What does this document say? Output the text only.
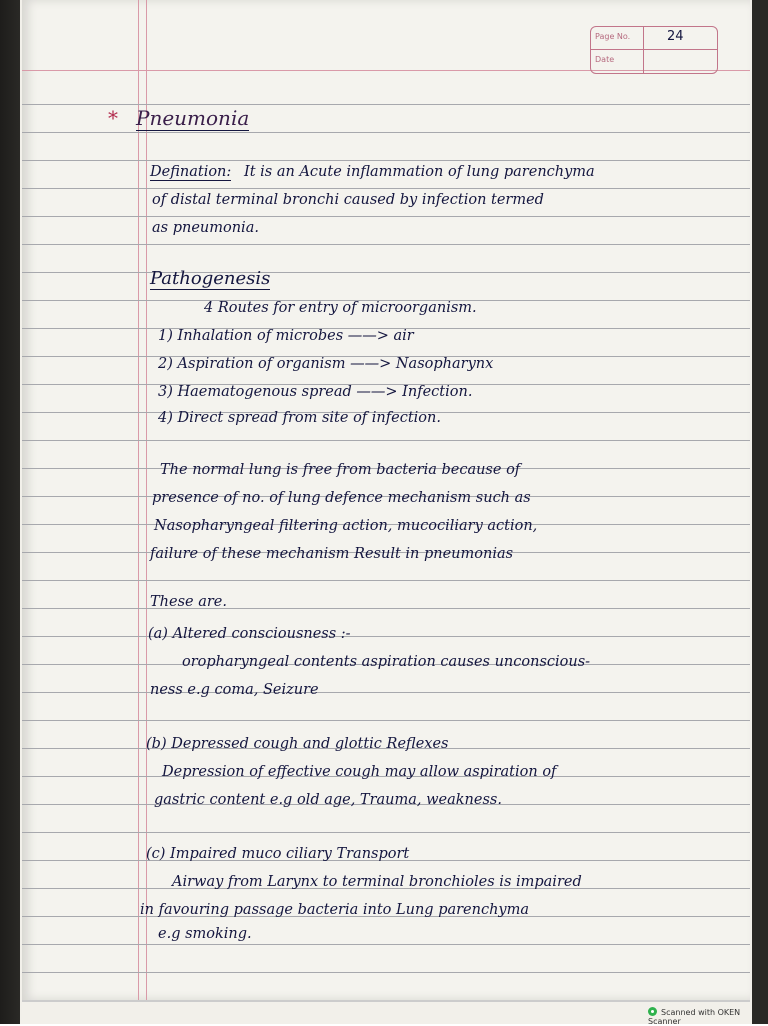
Page No.
Date
24
* Pneumonia
Defination: It is an Acute inflammation of lung parenchyma
of distal terminal bronchi caused by infection termed
as pneumonia.
Pathogenesis
4 Routes for entry of microorganism.
1) Inhalation of microbes ——> air
2) Aspiration of organism ——> Nasopharynx
3) Haematogenous spread ——> Infection.
4) Direct spread from site of infection.
The normal lung is free from bacteria because of
presence of no. of lung defence mechanism such as
Nasopharyngeal filtering action, mucociliary action,
failure of these mechanism Result in pneumonias
These are.
(a) Altered consciousness :-
oropharyngeal contents aspiration causes unconscious-
ness e.g coma, Seizure
(b) Depressed cough and glottic Reflexes
Depression of effective cough may allow aspiration of
gastric content e.g old age, Trauma, weakness.
(c) Impaired muco ciliary Transport
Airway from Larynx to terminal bronchioles is impaired
in favouring passage bacteria into Lung parenchyma
e.g smoking.
Scanned with OKEN Scanner
